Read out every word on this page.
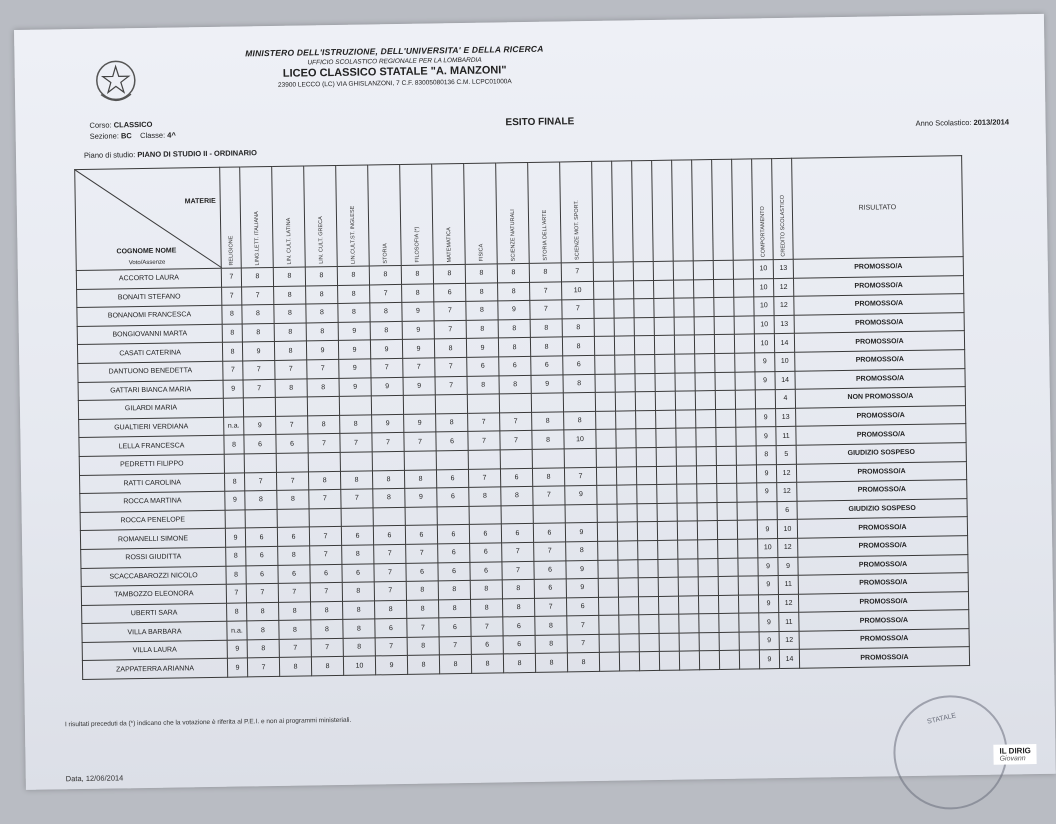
MINISTERO DELL'ISTRUZIONE, DELL'UNIVERSITA' E DELLA RICERCA
UFFICIO SCOLASTICO REGIONALE PER LA LOMBARDIA
LICEO CLASSICO STATALE "A. MANZONI"
23900 LECCO (LC) VIA GHISLANZONI, 7 C.F. 83005080136 C.M. LCPC01000A
Corso: CLASSICO
Sezione: BC Classe: 4^
Piano di studio: PIANO DI STUDIO II - ORDINARIO
ESITO FINALE	Anno Scolastico: 2013/2014
MATERIE
COGNOME NOME
Voto/Assenze	RELIGIONE	LING.LETT. ITALIANA	LIN. CULT. LATINA	LIN. CULT. GRECA	LIN.CULT.ST. INGLESE	STORIA	FILOSOFIA (*)	MATEMATICA	FISICA	SCIENZE NATURALI	STORIA DELL'ARTE	SCIENZE MOT. SPORT.									COMPORTAMENTO	CREDITO SCOLASTICO	RISULTATO
ACCORTO LAURA	7	8	8	8	8	8	8	8	8	8	8	7									10	13	PROMOSSO/A
BONAITI STEFANO	7	7	8	8	8	7	8	6	8	8	7	10									10	12	PROMOSSO/A
BONANOMI FRANCESCA	8	8	8	8	8	8	9	7	8	9	7	7									10	12	PROMOSSO/A
BONGIOVANNI MARTA	8	8	8	8	9	8	9	7	8	8	8	8									10	13	PROMOSSO/A
CASATI CATERINA	8	9	8	9	9	9	9	8	9	8	8	8									10	14	PROMOSSO/A
DANTUONO BENEDETTA	7	7	7	7	9	7	7	7	6	6	6	6									9	10	PROMOSSO/A
GATTARI BIANCA MARIA	9	7	8	8	9	9	9	7	8	8	9	8									9	14	PROMOSSO/A
GILARDI MARIA																						4	NON PROMOSSO/A
GUALTIERI VERDIANA	n.a.	9	7	8	8	9	9	8	7	7	8	8									9	13	PROMOSSO/A
LELLA FRANCESCA	8	6	6	7	7	7	7	6	7	7	8	10									9	11	PROMOSSO/A
PEDRETTI FILIPPO																					8	5	GIUDIZIO SOSPESO
RATTI CAROLINA	8	7	7	8	8	8	8	6	7	6	8	7									9	12	PROMOSSO/A
ROCCA MARTINA	9	8	8	7	7	8	9	6	8	8	7	9									9	12	PROMOSSO/A
ROCCA PENELOPE																						6	GIUDIZIO SOSPESO
ROMANELLI SIMONE	9	6	6	7	6	6	6	6	6	6	6	9									9	10	PROMOSSO/A
ROSSI GIUDITTA	8	6	8	7	8	7	7	6	6	7	7	8									10	12	PROMOSSO/A
SCACCABAROZZI NICOLO	8	6	6	6	6	7	6	6	6	7	6	9									9	9	PROMOSSO/A
TAMBOZZO ELEONORA	7	7	7	7	8	7	8	8	8	8	6	9									9	11	PROMOSSO/A
UBERTI SARA	8	8	8	8	8	8	8	8	8	8	7	6									9	12	PROMOSSO/A
VILLA BARBARA	n.a.	8	8	8	8	6	7	6	7	6	8	7									9	11	PROMOSSO/A
VILLA LAURA	9	8	7	7	8	7	8	7	6	6	8	7									9	12	PROMOSSO/A
ZAPPATERRA ARIANNA	9	7	8	8	10	9	8	8	8	8	8	8									9	14	PROMOSSO/A
I risultati preceduti da (*) indicano che la votazione è riferita al P.E.I. e non ai programmi ministeriali.
Data, 12/06/2014
STATALE
IL DIRIG
Giovann
